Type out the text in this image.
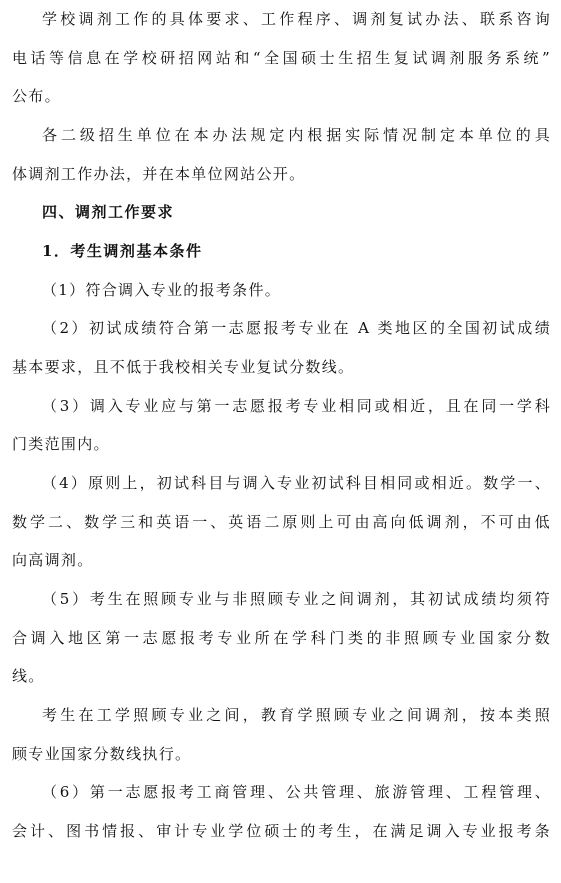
学校调剂工作的具体要求、工作程序、调剂复试办法、联系咨询
电话等信息在学校研招网站和“全国硕士生招生复试调剂服务系统”
公布。
各二级招生单位在本办法规定内根据实际情况制定本单位的具
体调剂工作办法，并在本单位网站公开。
四、调剂工作要求
1．考生调剂基本条件
（1）符合调入专业的报考条件。
（2）初试成绩符合第一志愿报考专业在 A 类地区的全国初试成绩
基本要求，且不低于我校相关专业复试分数线。
（3）调入专业应与第一志愿报考专业相同或相近，且在同一学科
门类范围内。
（4）原则上，初试科目与调入专业初试科目相同或相近。数学一、
数学二、数学三和英语一、英语二原则上可由高向低调剂，不可由低
向高调剂。
（5）考生在照顾专业与非照顾专业之间调剂，其初试成绩均须符
合调入地区第一志愿报考专业所在学科门类的非照顾专业国家分数
线。
考生在工学照顾专业之间，教育学照顾专业之间调剂，按本类照
顾专业国家分数线执行。
（6）第一志愿报考工商管理、公共管理、旅游管理、工程管理、
会计、图书情报、审计专业学位硕士的考生，在满足调入专业报考条
